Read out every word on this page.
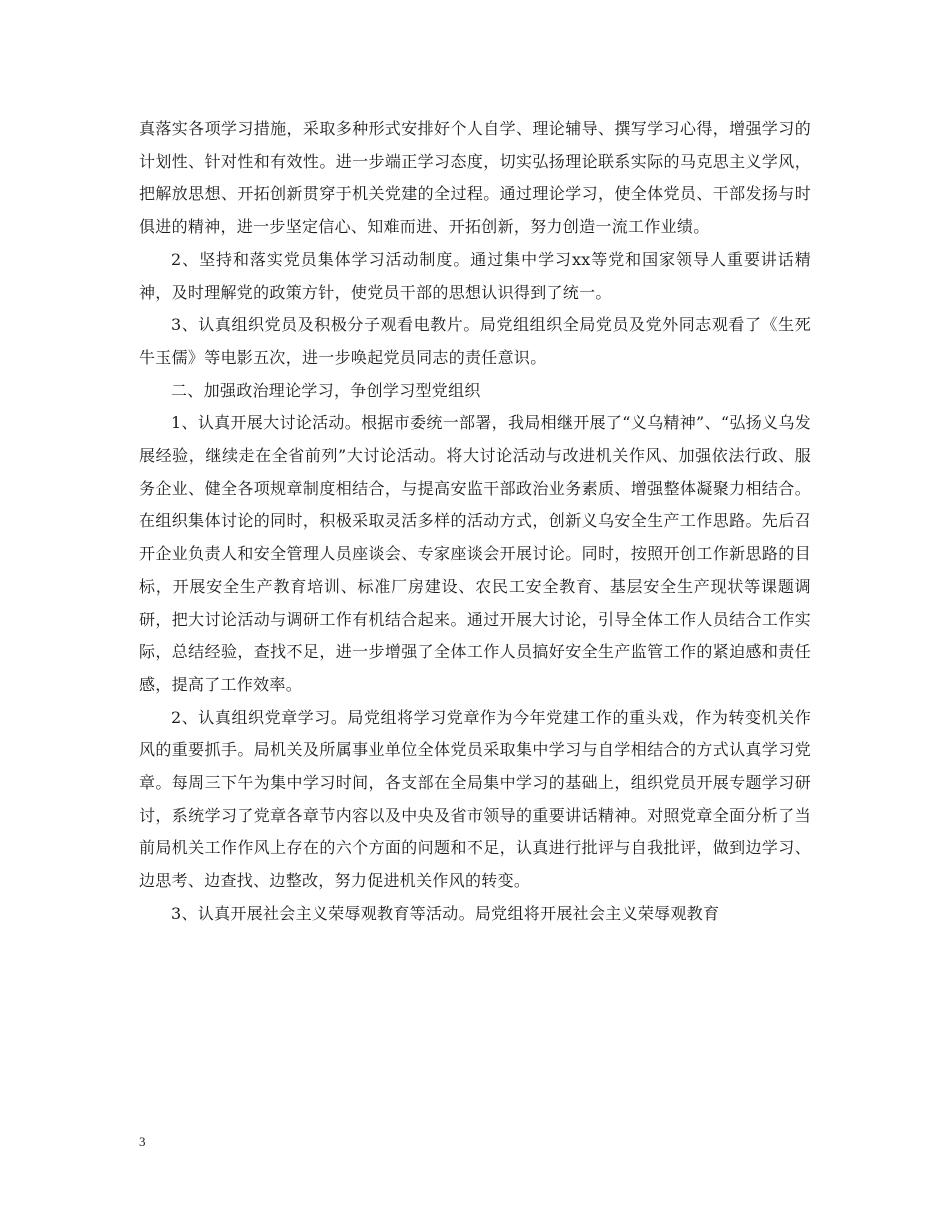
真落实各项学习措施，采取多种形式安排好个人自学、理论辅导、撰写学习心得，增强学习的计划性、针对性和有效性。进一步端正学习态度，切实弘扬理论联系实际的马克思主义学风，把解放思想、开拓创新贯穿于机关党建的全过程。通过理论学习，使全体党员、干部发扬与时俱进的精神，进一步坚定信心、知难而进、开拓创新，努力创造一流工作业绩。

2、坚持和落实党员集体学习活动制度。通过集中学习xx等党和国家领导人重要讲话精神，及时理解党的政策方针，使党员干部的思想认识得到了统一。

3、认真组织党员及积极分子观看电教片。局党组组织全局党员及党外同志观看了《生死牛玉儒》等电影五次，进一步唤起党员同志的责任意识。

二、加强政治理论学习，争创学习型党组织

1、认真开展大讨论活动。根据市委统一部署，我局相继开展了“义乌精神”、“弘扬义乌发展经验，继续走在全省前列”大讨论活动。将大讨论活动与改进机关作风、加强依法行政、服务企业、健全各项规章制度相结合，与提高安监干部政治业务素质、增强整体凝聚力相结合。在组织集体讨论的同时，积极采取灵活多样的活动方式，创新义乌安全生产工作思路。先后召开企业负责人和安全管理人员座谈会、专家座谈会开展讨论。同时，按照开创工作新思路的目标，开展安全生产教育培训、标准厂房建设、农民工安全教育、基层安全生产现状等课题调研，把大讨论活动与调研工作有机结合起来。通过开展大讨论，引导全体工作人员结合工作实际，总结经验，查找不足，进一步增强了全体工作人员搞好安全生产监管工作的紧迫感和责任感，提高了工作效率。

2、认真组织党章学习。局党组将学习党章作为今年党建工作的重头戏，作为转变机关作风的重要抓手。局机关及所属事业单位全体党员采取集中学习与自学相结合的方式认真学习党章。每周三下午为集中学习时间，各支部在全局集中学习的基础上，组织党员开展专题学习研讨，系统学习了党章各章节内容以及中央及省市领导的重要讲话精神。对照党章全面分析了当前局机关工作作风上存在的六个方面的问题和不足，认真进行批评与自我批评，做到边学习、边思考、边查找、边整改，努力促进机关作风的转变。

3、认真开展社会主义荣辱观教育等活动。局党组将开展社会主义荣辱观教育

3
